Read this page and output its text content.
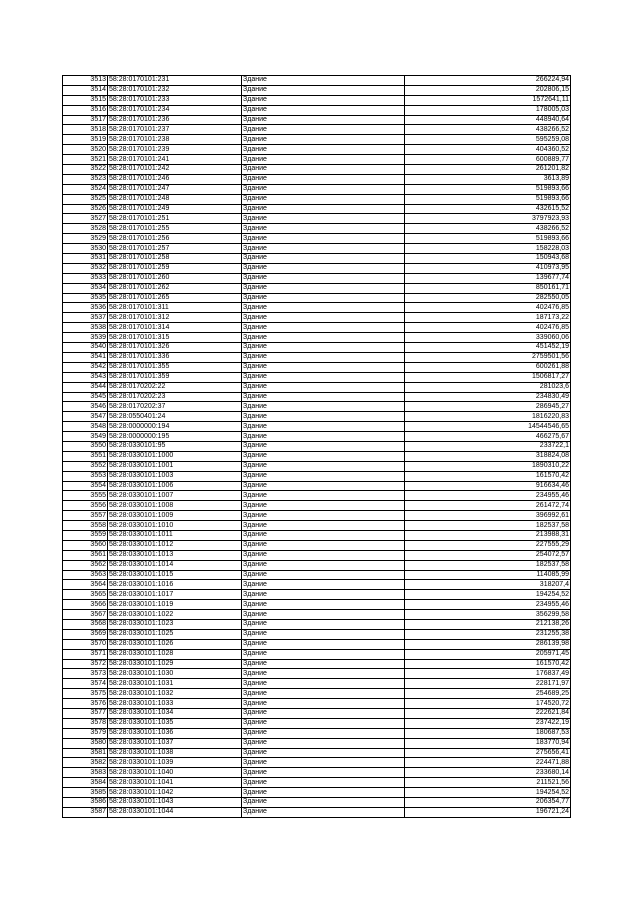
3513	58:28:0170101:231	Здание	266224,94
3514	58:28:0170101:232	Здание	202806,15
3515	58:28:0170101:233	Здание	1572641,11
3516	58:28:0170101:234	Здание	178005,03
3517	58:28:0170101:236	Здание	448940,64
3518	58:28:0170101:237	Здание	438266,52
3519	58:28:0170101:238	Здание	595259,08
3520	58:28:0170101:239	Здание	404360,52
3521	58:28:0170101:241	Здание	600889,77
3522	58:28:0170101:242	Здание	261201,82
3523	58:28:0170101:246	Здание	3613,89
3524	58:28:0170101:247	Здание	519893,66
3525	58:28:0170101:248	Здание	519893,66
3526	58:28:0170101:249	Здание	432615,52
3527	58:28:0170101:251	Здание	3797923,93
3528	58:28:0170101:255	Здание	438266,52
3529	58:28:0170101:256	Здание	519893,66
3530	58:28:0170101:257	Здание	158228,03
3531	58:28:0170101:258	Здание	150943,68
3532	58:28:0170101:259	Здание	410973,95
3533	58:28:0170101:260	Здание	139677,74
3534	58:28:0170101:262	Здание	850161,71
3535	58:28:0170101:265	Здание	282550,05
3536	58:28:0170101:311	Здание	402476,85
3537	58:28:0170101:312	Здание	187173,22
3538	58:28:0170101:314	Здание	402476,85
3539	58:28:0170101:315	Здание	339060,06
3540	58:28:0170101:326	Здание	451452,19
3541	58:28:0170101:336	Здание	2759501,56
3542	58:28:0170101:355	Здание	600261,88
3543	58:28:0170101:359	Здание	1506817,27
3544	58:28:0170202:22	Здание	281023,6
3545	58:28:0170202:23	Здание	234830,49
3546	58:28:0170202:37	Здание	286945,27
3547	58:28:0550401:24	Здание	1816220,83
3548	58:28:0000000:194	Здание	14544546,65
3549	58:28:0000000:195	Здание	466275,67
3550	58:28:0330101:95	Здание	233722,1
3551	58:28:0330101:1000	Здание	318824,08
3552	58:28:0330101:1001	Здание	1890310,22
3553	58:28:0330101:1003	Здание	161570,42
3554	58:28:0330101:1006	Здание	916634,46
3555	58:28:0330101:1007	Здание	234955,46
3556	58:28:0330101:1008	Здание	261472,74
3557	58:28:0330101:1009	Здание	396992,61
3558	58:28:0330101:1010	Здание	182537,58
3559	58:28:0330101:1011	Здание	213988,31
3560	58:28:0330101:1012	Здание	227555,29
3561	58:28:0330101:1013	Здание	254072,57
3562	58:28:0330101:1014	Здание	182537,58
3563	58:28:0330101:1015	Здание	114085,99
3564	58:28:0330101:1016	Здание	318207,4
3565	58:28:0330101:1017	Здание	194254,52
3566	58:28:0330101:1019	Здание	234955,46
3567	58:28:0330101:1022	Здание	356299,58
3568	58:28:0330101:1023	Здание	212138,26
3569	58:28:0330101:1025	Здание	231255,38
3570	58:28:0330101:1026	Здание	286139,98
3571	58:28:0330101:1028	Здание	205971,45
3572	58:28:0330101:1029	Здание	161570,42
3573	58:28:0330101:1030	Здание	176837,49
3574	58:28:0330101:1031	Здание	228171,97
3575	58:28:0330101:1032	Здание	254689,25
3576	58:28:0330101:1033	Здание	174520,72
3577	58:28:0330101:1034	Здание	222621,84
3578	58:28:0330101:1035	Здание	237422,19
3579	58:28:0330101:1036	Здание	180687,53
3580	58:28:0330101:1037	Здание	183770,94
3581	58:28:0330101:1038	Здание	275656,41
3582	58:28:0330101:1039	Здание	224471,88
3583	58:28:0330101:1040	Здание	233680,14
3584	58:28:0330101:1041	Здание	211521,56
3585	58:28:0330101:1042	Здание	194254,52
3586	58:28:0330101:1043	Здание	206354,77
3587	58:28:0330101:1044	Здание	196721,24
